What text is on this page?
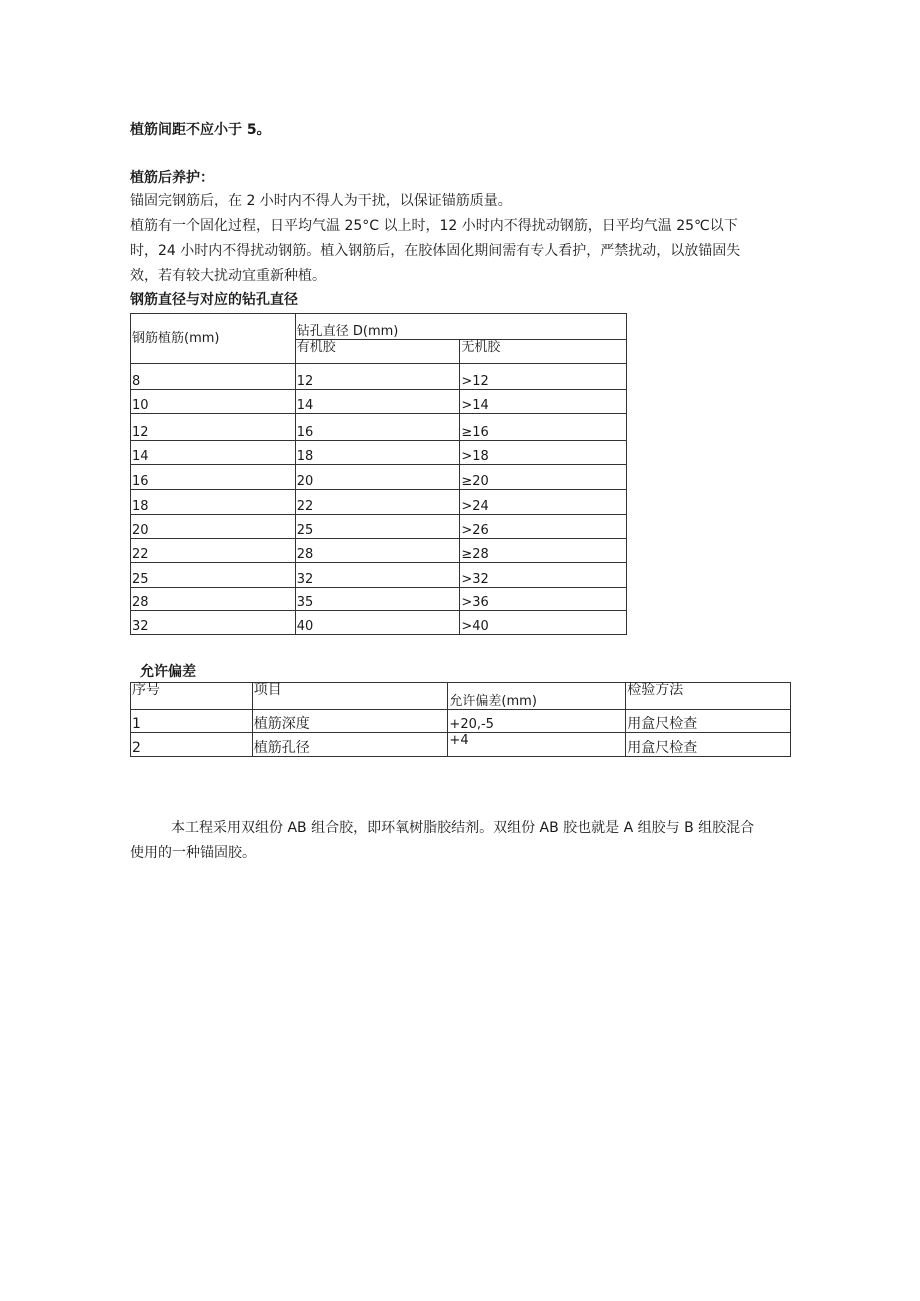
植筋间距不应小于 5。
植筋后养护：
锚固完钢筋后，在 2 小时内不得人为干扰，以保证锚筋质量。
植筋有一个固化过程，日平均气温 25°C 以上时，12 小时内不得扰动钢筋，日平均气温 25℃以下
时，24 小时内不得扰动钢筋。植入钢筋后，在胶体固化期间需有专人看护，严禁扰动，以放锚固失
效，若有较大扰动宜重新种植。
钢筋直径与对应的钻孔直径
钢筋植筋(mm)	钻孔直径 D(mm)	
	有机胶	无机胶
8	12	>12
10	14	>14
12	16	≥16
14	18	>18
16	20	≥20
18	22	>24
20	25	>26
22	28	≥28
25	32	>32
28	35	>36
32	40	>40
本工程采用双组份 AB 组合胶，即环氧树脂胶结剂。双组份 AB 胶也就是 A 组胶与 B 组胶混合
使用的一种锚固胶。
允许偏差
序号	项目	允许偏差(mm)	检验方法
1	植筋深度	+20,-5	用盒尺检查
2	植筋孔径	+4	用盒尺检查
